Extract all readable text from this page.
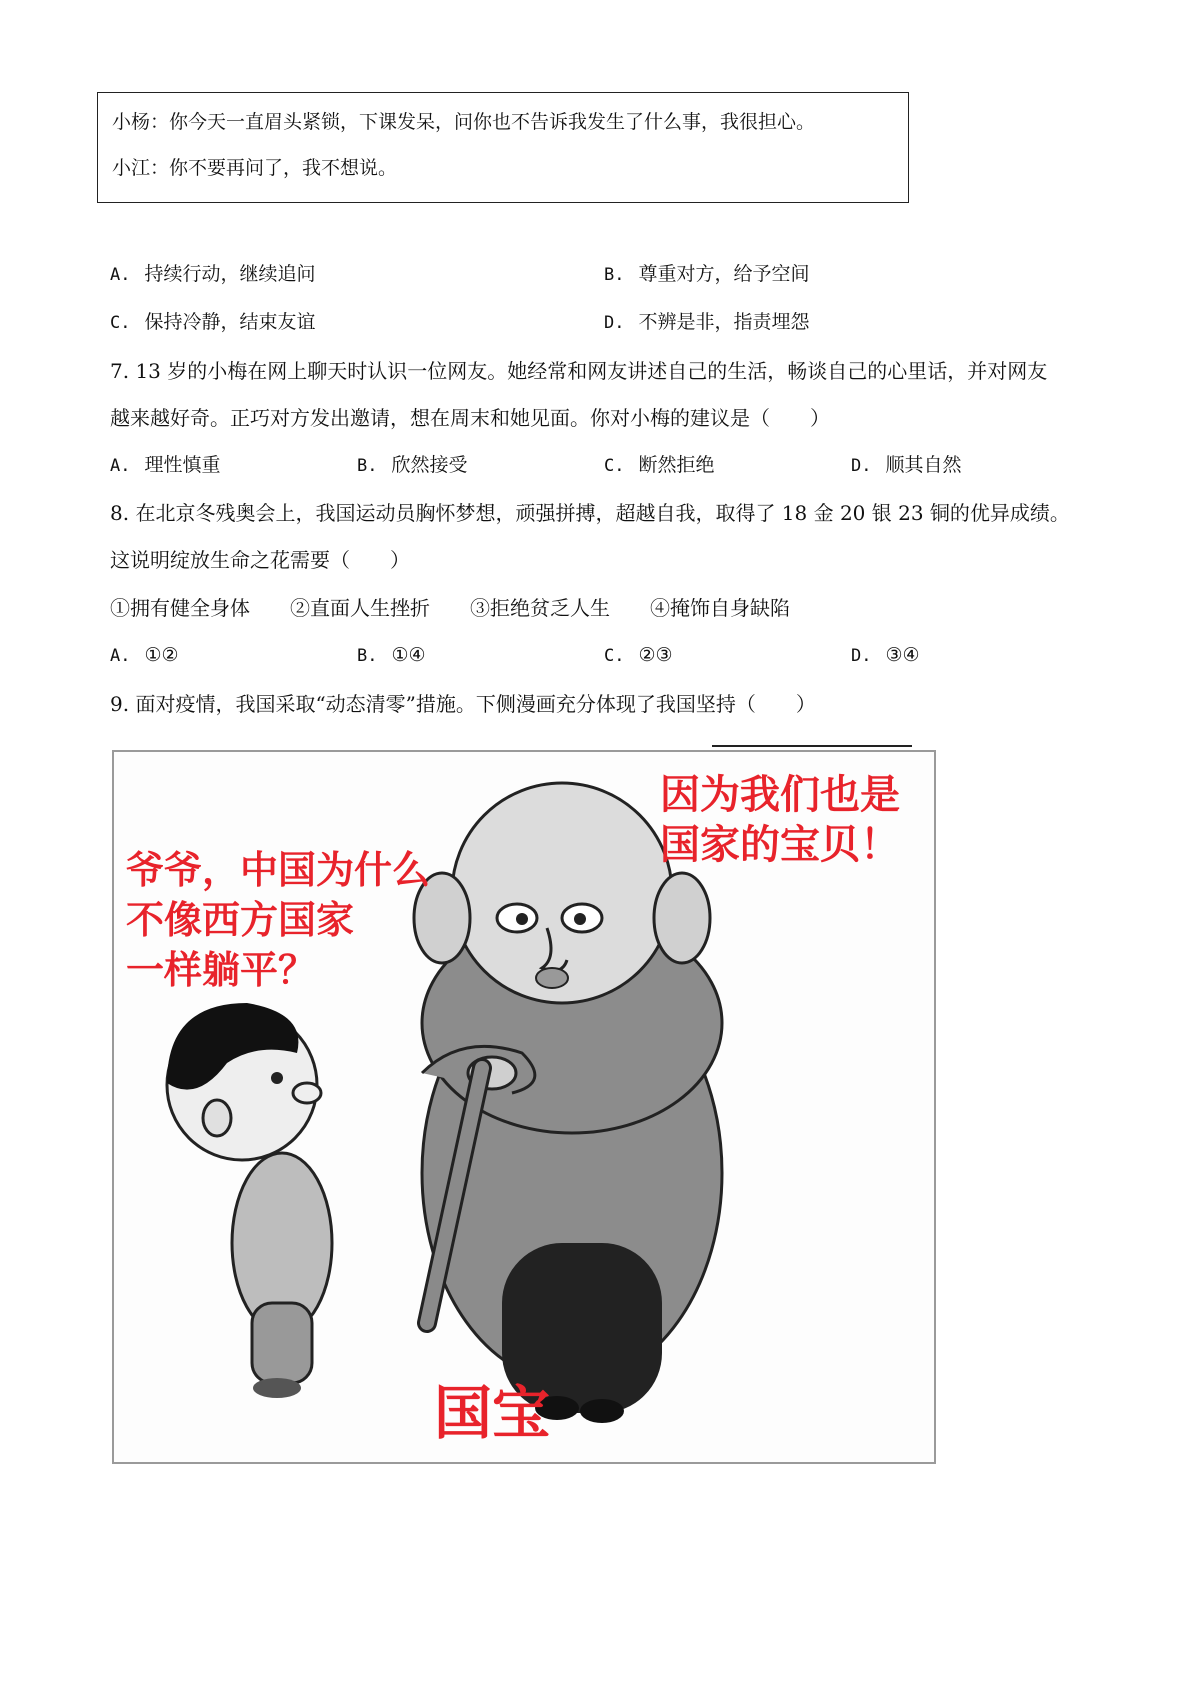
小杨：你今天一直眉头紧锁，下课发呆，问你也不告诉我发生了什么事，我很担心。
小江：你不要再问了，我不想说。
A. 持续行动，继续追问	B. 尊重对方，给予空间
C. 保持冷静，结束友谊	D. 不辨是非，指责埋怨
7. 13 岁的小梅在网上聊天时认识一位网友。她经常和网友讲述自己的生活，畅谈自己的心里话，并对网友
越来越好奇。正巧对方发出邀请，想在周末和她见面。你对小梅的建议是（　　）
A. 理性慎重	B. 欣然接受	C. 断然拒绝	D. 顺其自然
8. 在北京冬残奥会上，我国运动员胸怀梦想，顽强拼搏，超越自我，取得了 18 金 20 银 23 铜的优异成绩。
这说明绽放生命之花需要（　　）
①拥有健全身体　　②直面人生挫折　　③拒绝贫乏人生　　④掩饰自身缺陷
A. ①②	B. ①④	C. ②③	D. ③④
9. 面对疫情，我国采取“动态清零”措施。下侧漫画充分体现了我国坚持（　　）
因为我们也是
国家的宝贝！
爷爷，中国为什么
不像西方国家
一样躺平？
国宝
